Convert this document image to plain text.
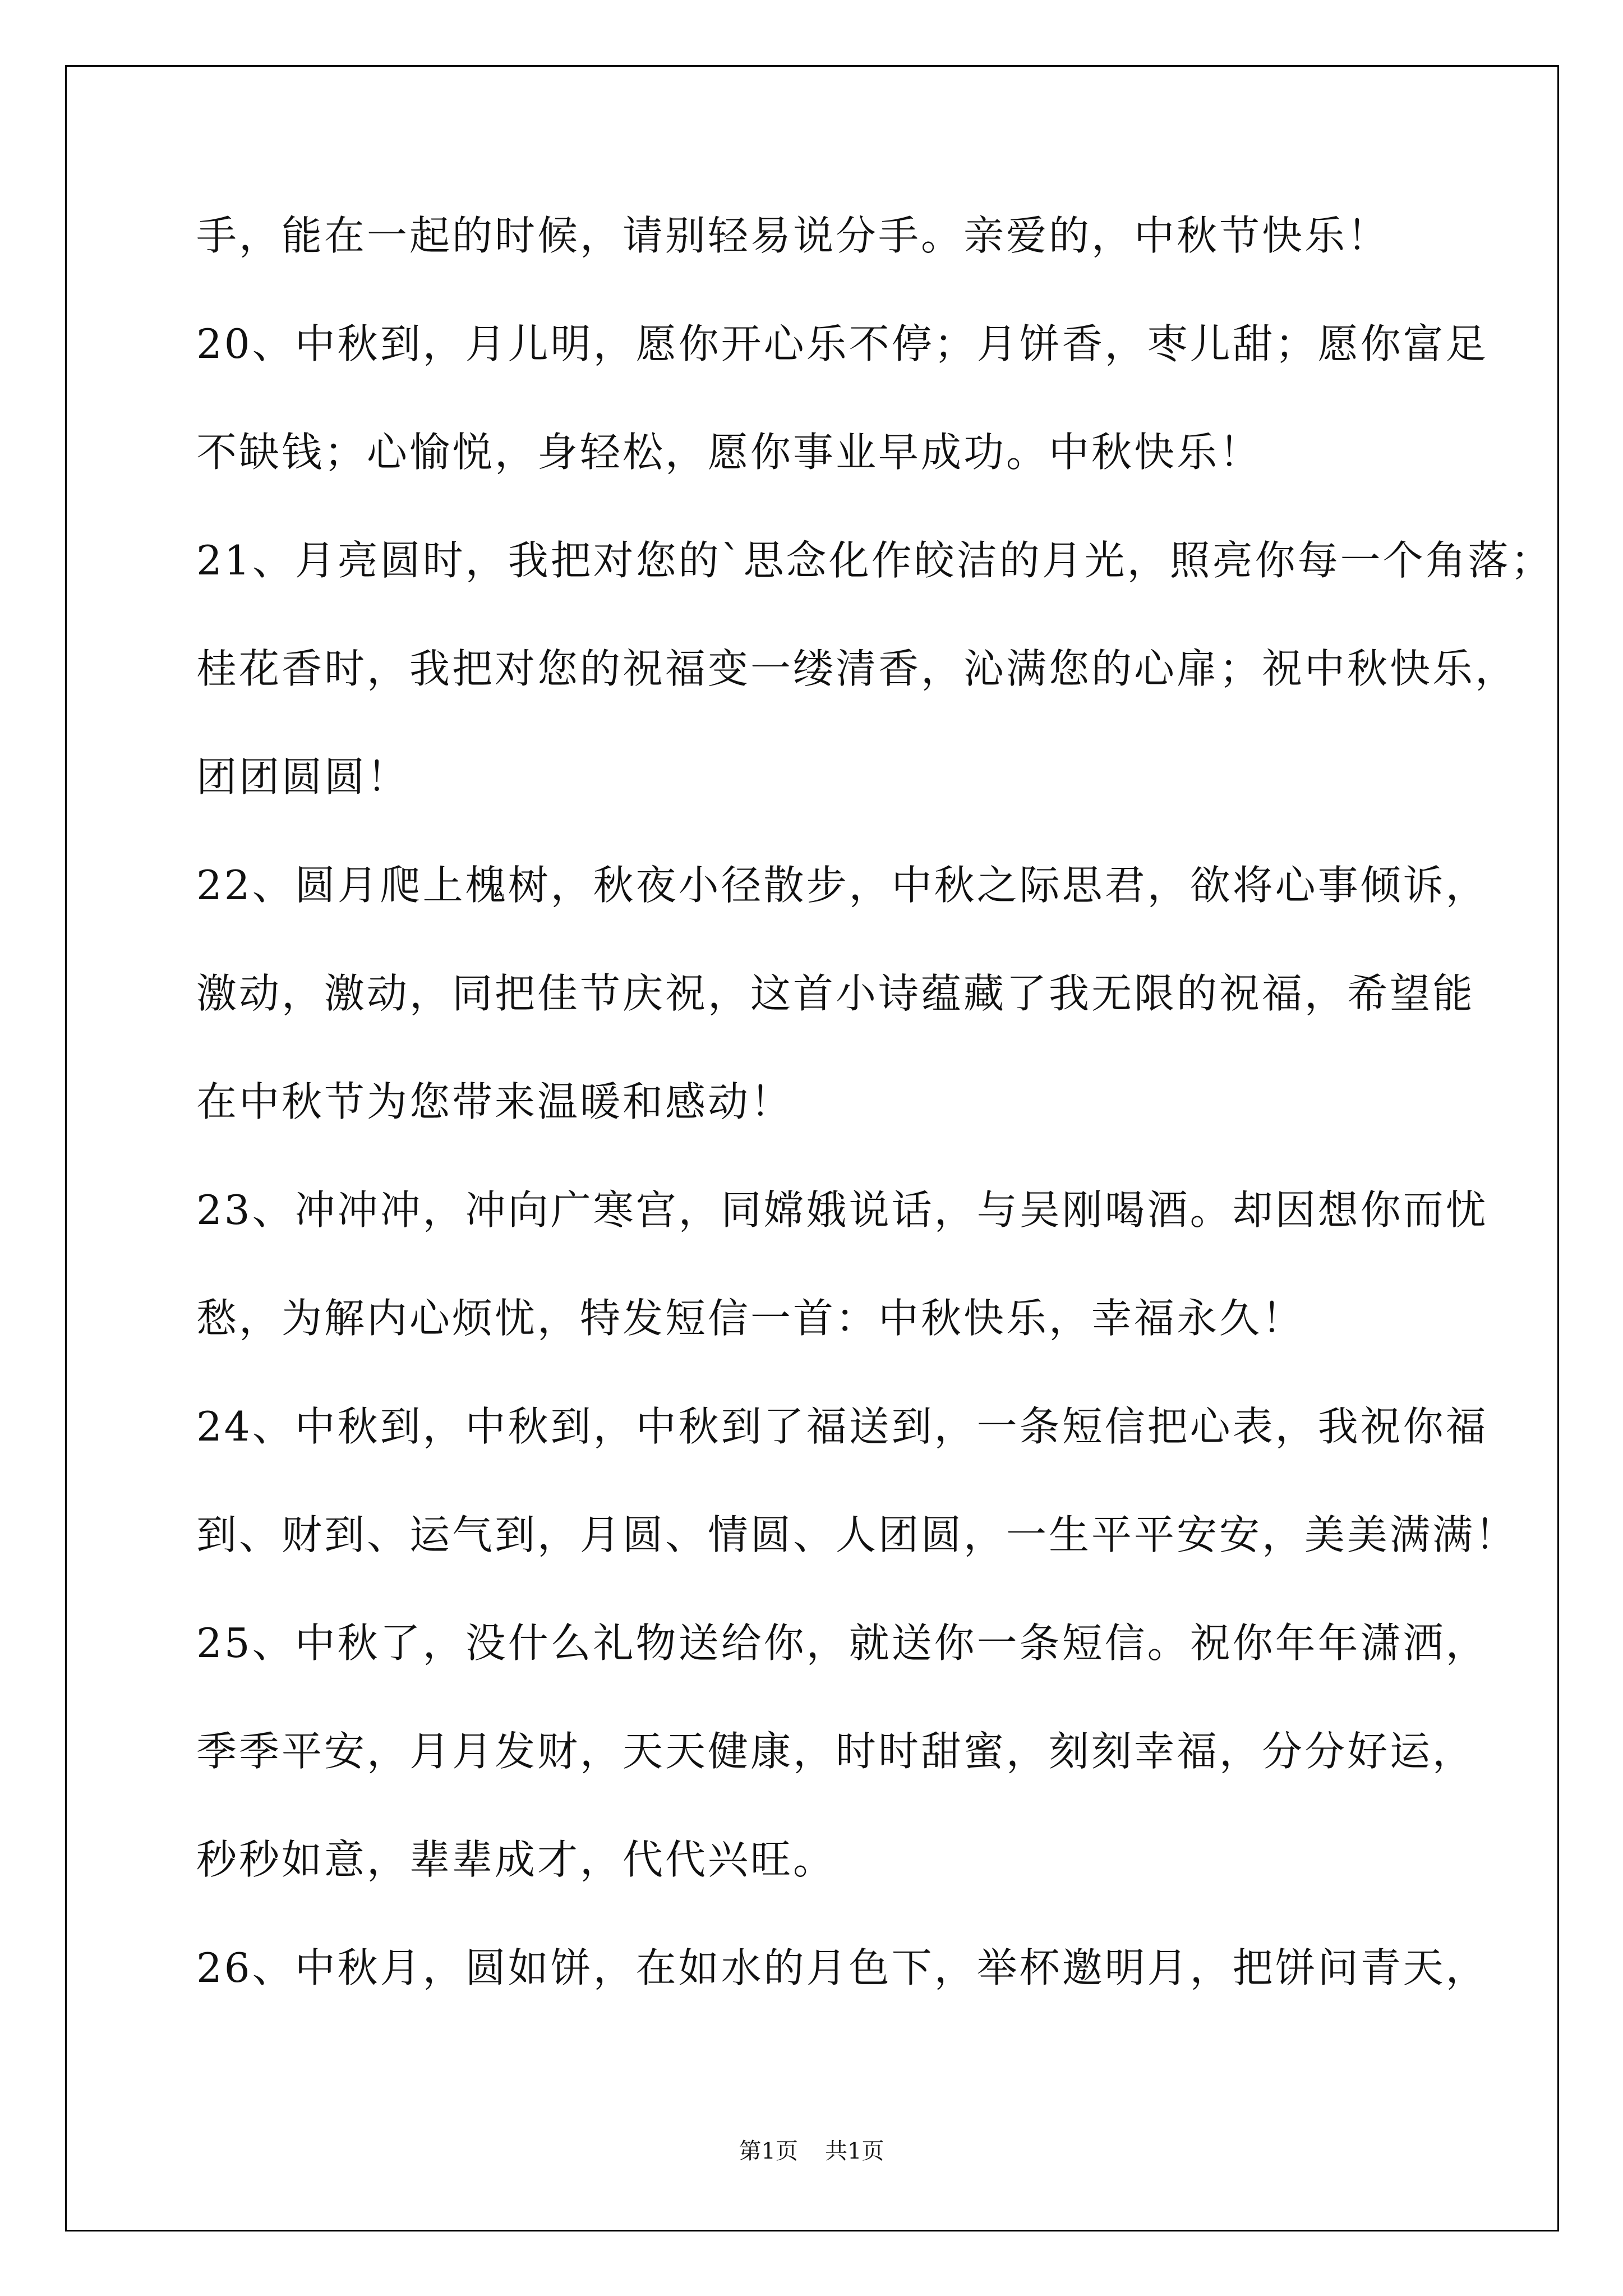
手，能在一起的时候，请别轻易说分手。亲爱的，中秋节快乐！
20、中秋到，月儿明，愿你开心乐不停；月饼香，枣儿甜；愿你富足
不缺钱；心愉悦，身轻松，愿你事业早成功。中秋快乐！
21、月亮圆时，我把对您的`思念化作皎洁的月光，照亮你每一个角落；
桂花香时，我把对您的祝福变一缕清香，沁满您的心扉；祝中秋快乐，
团团圆圆！
22、圆月爬上槐树，秋夜小径散步，中秋之际思君，欲将心事倾诉，
激动，激动，同把佳节庆祝，这首小诗蕴藏了我无限的祝福，希望能
在中秋节为您带来温暖和感动！
23、冲冲冲，冲向广寒宫，同嫦娥说话，与吴刚喝酒。却因想你而忧
愁，为解内心烦忧，特发短信一首：中秋快乐，幸福永久！
24、中秋到，中秋到，中秋到了福送到，一条短信把心表，我祝你福
到、财到、运气到，月圆、情圆、人团圆，一生平平安安，美美满满！
25、中秋了，没什么礼物送给你，就送你一条短信。祝你年年潇洒，
季季平安，月月发财，天天健康，时时甜蜜，刻刻幸福，分分好运，
秒秒如意，辈辈成才，代代兴旺。
26、中秋月，圆如饼，在如水的月色下，举杯邀明月，把饼问青天，
第1页 共1页
